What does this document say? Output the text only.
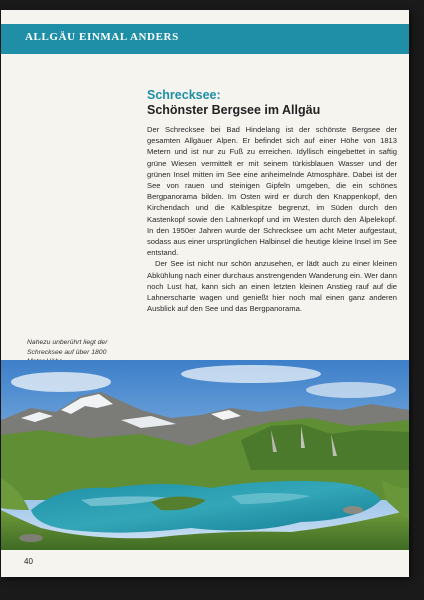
ALLGÄU EINMAL ANDERS
Schrecksee:
Schönster Bergsee im Allgäu

Der Schrecksee bei Bad Hindelang ist der schönste Bergsee der gesamten Allgäuer Alpen. Er befindet sich auf einer Höhe von 1813 Metern und ist nur zu Fuß zu erreichen. Idyllisch eingebettet in saftig grüne Wiesen vermittelt er mit seinem türkisblauen Wasser und der grünen Insel mitten im See eine anheimelnde Atmosphäre. Dabei ist der See von rauen und steinigen Gipfeln umgeben, die ein schönes Bergpanorama bilden. Im Osten wird er durch den Knappenkopf, den Kirchendach und die Kälblespitze begrenzt, im Süden durch den Kastenkopf sowie den Lahnerkopf und im Westen durch den Älpelekopf. In den 1950er Jahren wurde der Schrecksee um acht Meter aufgestaut, sodass aus einer ursprünglichen Halbinsel die heutige kleine Insel im See entstand.

Der See ist nicht nur schön anzusehen, er lädt auch zu einer kleinen Abkühlung nach einer durchaus anstrengenden Wanderung ein. Wer dann noch Lust hat, kann sich an einen letzten kleinen Anstieg rauf auf die Lahnerscharte wagen und genießt hier noch mal einen ganz anderen Ausblick auf den See und das Bergpanorama.

Nahezu unberührt liegt der Schrecksee auf über 1800
40
